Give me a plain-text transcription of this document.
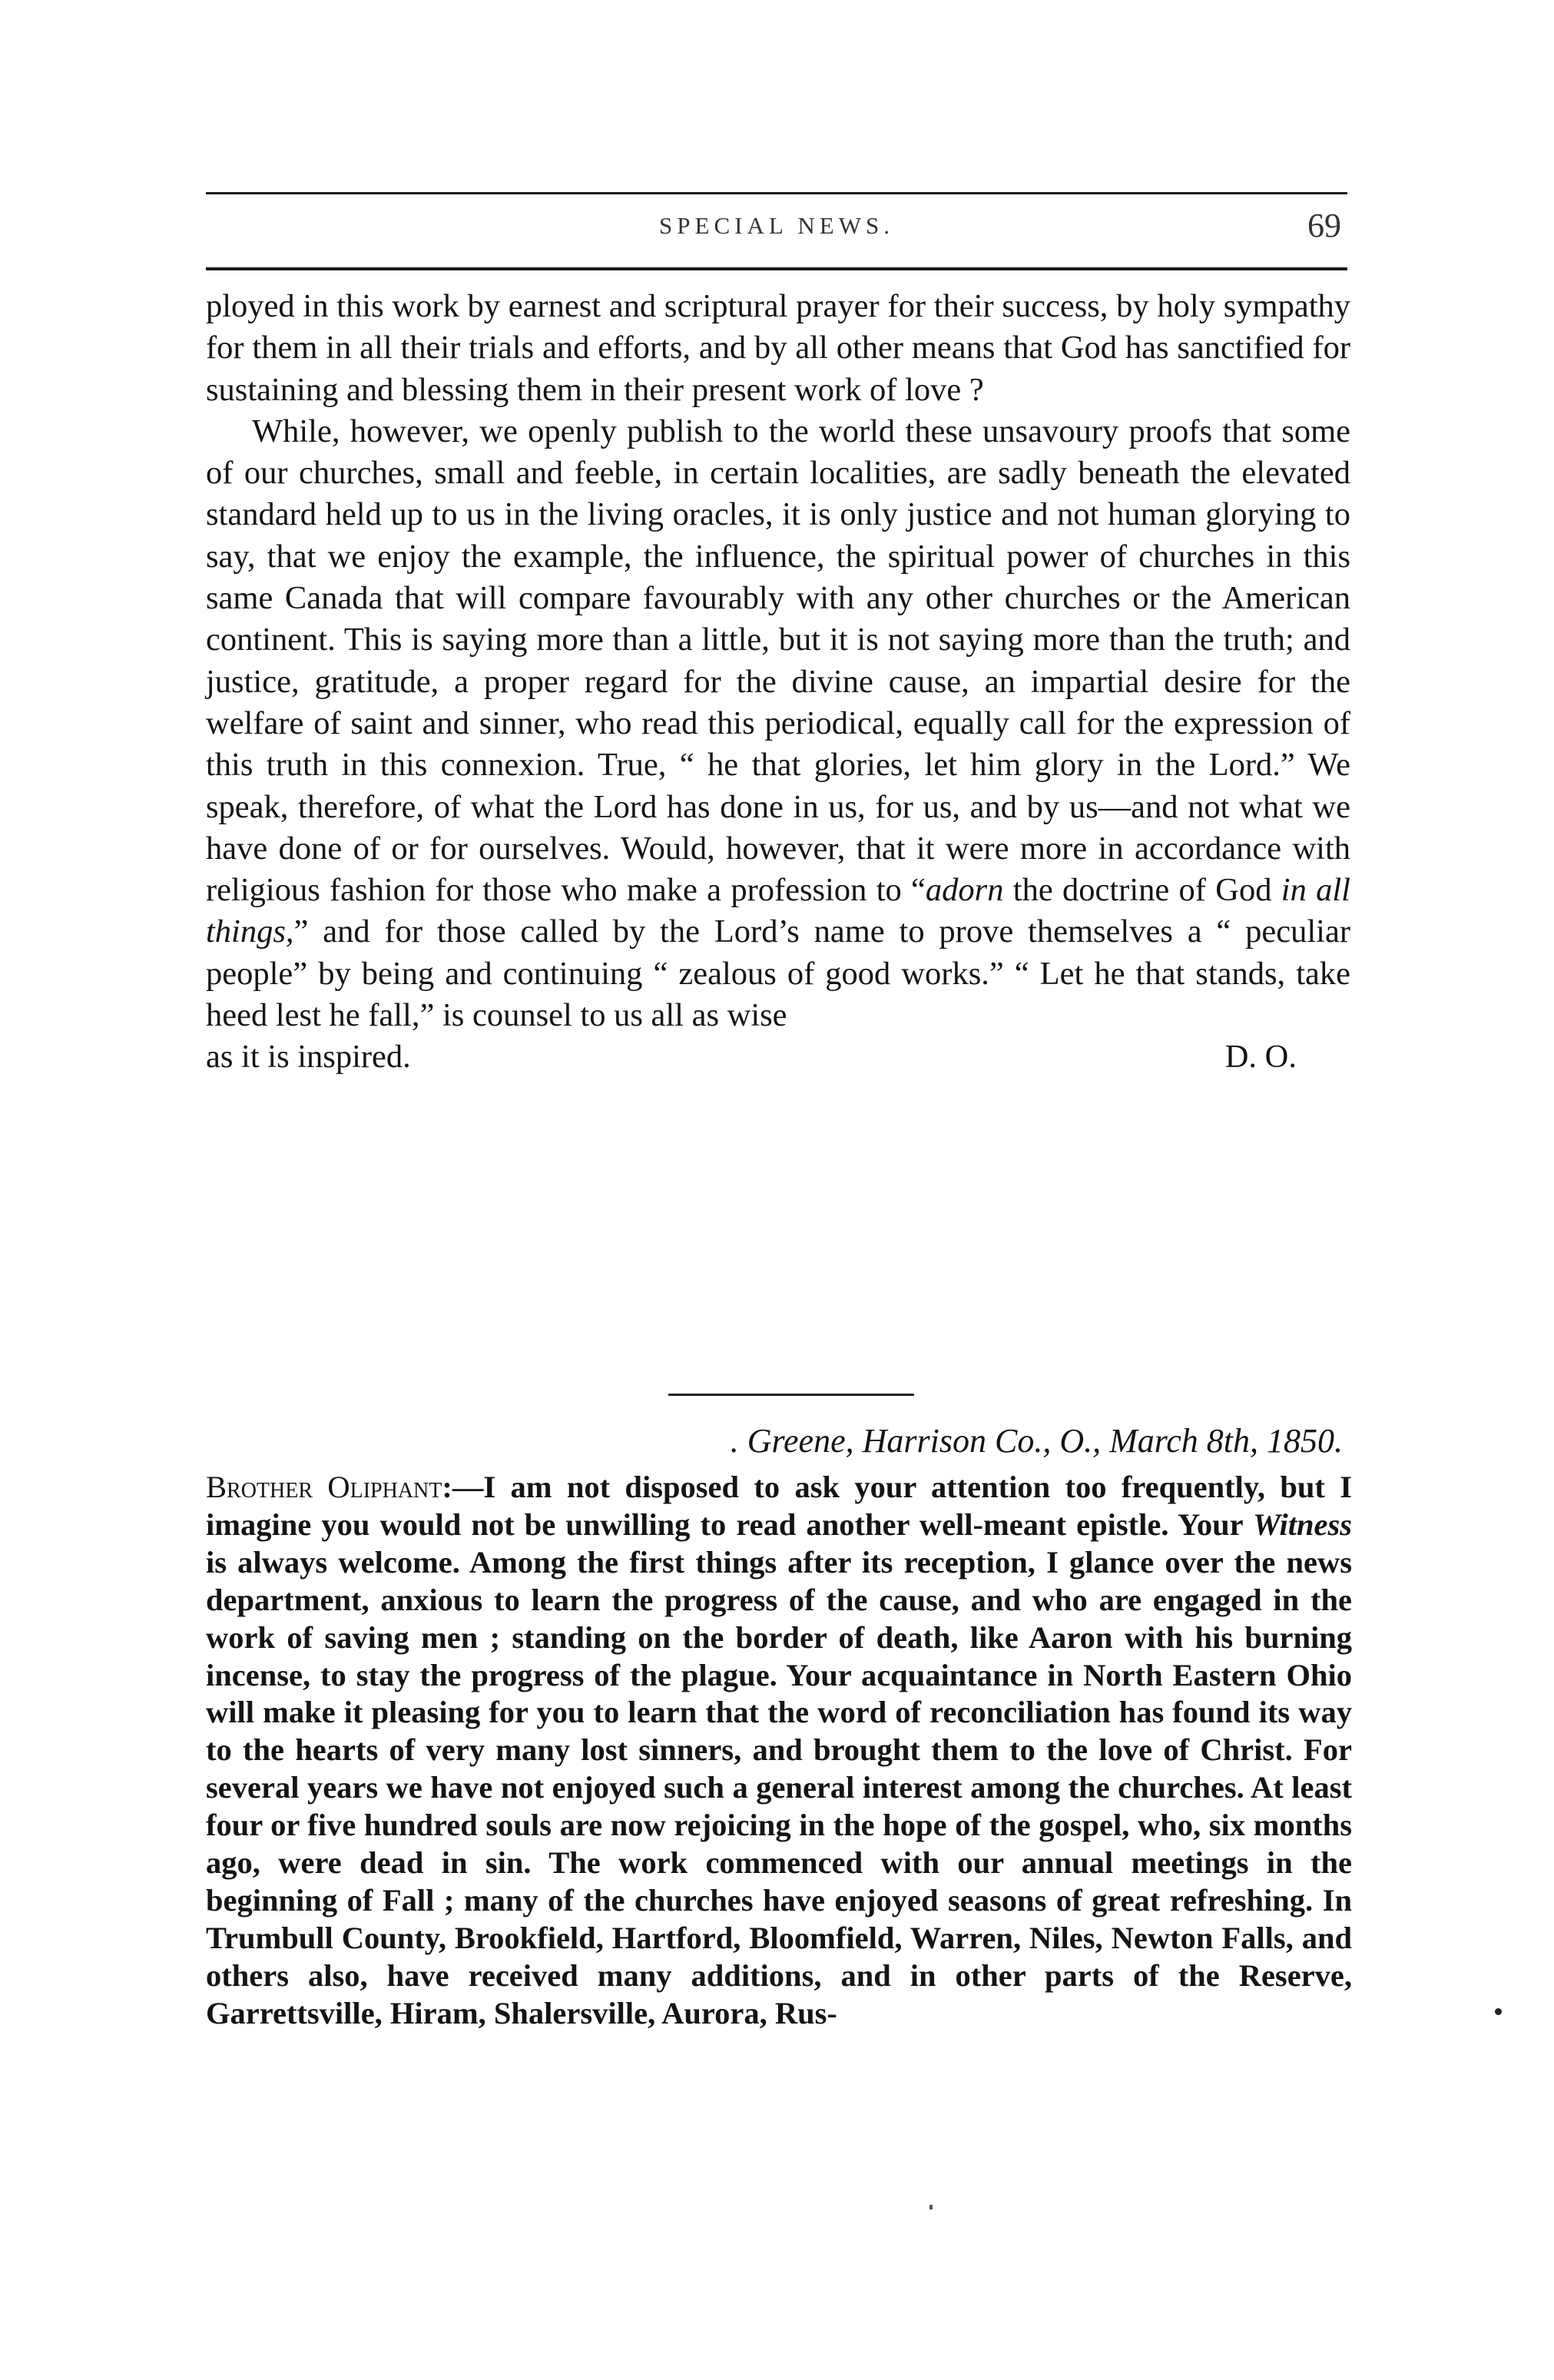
SPECIAL NEWS.	69

ployed in this work by earnest and scriptural prayer for their success, by holy sympathy for them in all their trials and efforts, and by all other means that God has sanctified for sustaining and blessing them in their present work of love ?

While, however, we openly publish to the world these unsavoury proofs that some of our churches, small and feeble, in certain localities, are sadly beneath the elevated standard held up to us in the living oracles, it is only justice and not human glorying to say, that we enjoy the example, the influence, the spiritual power of churches in this same Canada that will compare favourably with any other churches or the American continent. This is saying more than a little, but it is not saying more than the truth; and justice, gratitude, a proper regard for the divine cause, an impartial desire for the welfare of saint and sinner, who read this periodical, equally call for the expression of this truth in this connexion. True, “ he that glories, let him glory in the Lord.” We speak, therefore, of what the Lord has done in us, for us, and by us—and not what we have done of or for ourselves. Would, however, that it were more in accordance with religious fashion for those who make a profession to “adorn the doctrine of God in all things,” and for those called by the Lord’s name to prove themselves a “ peculiar people” by being and continuing “ zealous of good works.” “ Let he that stands, take heed lest he fall,” is counsel to us all as wise

as it is inspired.	D. O.
. Greene, Harrison Co., O., March 8th, 1850.

Brother Oliphant:—I am not disposed to ask your attention too frequently, but I imagine you would not be unwilling to read another well-meant epistle. Your Witness is always welcome. Among the first things after its reception, I glance over the news department, anxious to learn the progress of the cause, and who are engaged in the work of saving men ; standing on the border of death, like Aaron with his burning incense, to stay the progress of the plague. Your acquaintance in North Eastern Ohio will make it pleasing for you to learn that the word of reconciliation has found its way to the hearts of very many lost sinners, and brought them to the love of Christ. For several years we have not enjoyed such a general interest among the churches. At least four or five hundred souls are now rejoicing in the hope of the gospel, who, six months ago, were dead in sin. The work commenced with our annual meetings in the beginning of Fall ; many of the churches have enjoyed seasons of great refreshing. In Trumbull County, Brookfield, Hartford, Bloomfield, Warren, Niles, Newton Falls, and others also, have received many additions, and in other parts of the Reserve, Garrettsville, Hiram, Shalersville, Aurora, Rus-
